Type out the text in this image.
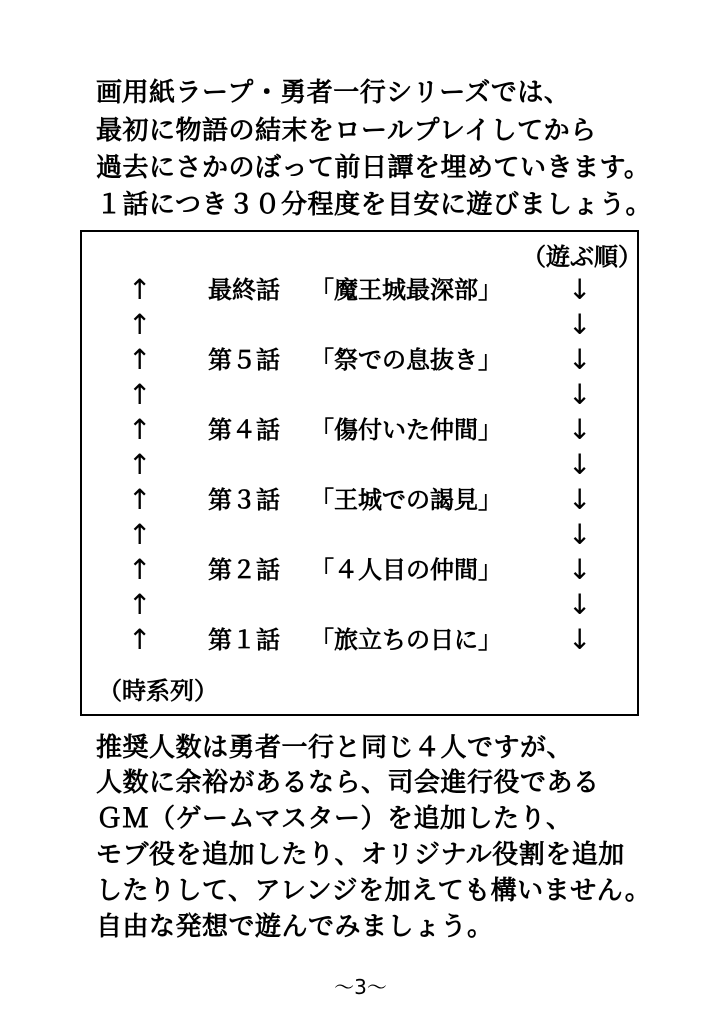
画用紙ラープ・勇者一行シリーズでは、
最初に物語の結末をロールプレイしてから
過去にさかのぼって前日譚を埋めていきます。
１話につき３０分程度を目安に遊びましょう。
（遊ぶ順）
↑ 最終話 「魔王城最深部」 ↓
↑	↓
↑ 第５話 「祭での息抜き」 ↓
↑	↓
↑ 第４話 「傷付いた仲間」 ↓
↑	↓
↑ 第３話 「王城での謁見」 ↓
↑	↓
↑ 第２話 「４人目の仲間」 ↓
↑	↓
↑ 第１話 「旅立ちの日に」 ↓
（時系列）
推奨人数は勇者一行と同じ４人ですが、
人数に余裕があるなら、司会進行役である
ＧＭ（ゲームマスター）を追加したり、
モブ役を追加したり、オリジナル役割を追加
したりして、アレンジを加えても構いません。
自由な発想で遊んでみましょう。
～3～
